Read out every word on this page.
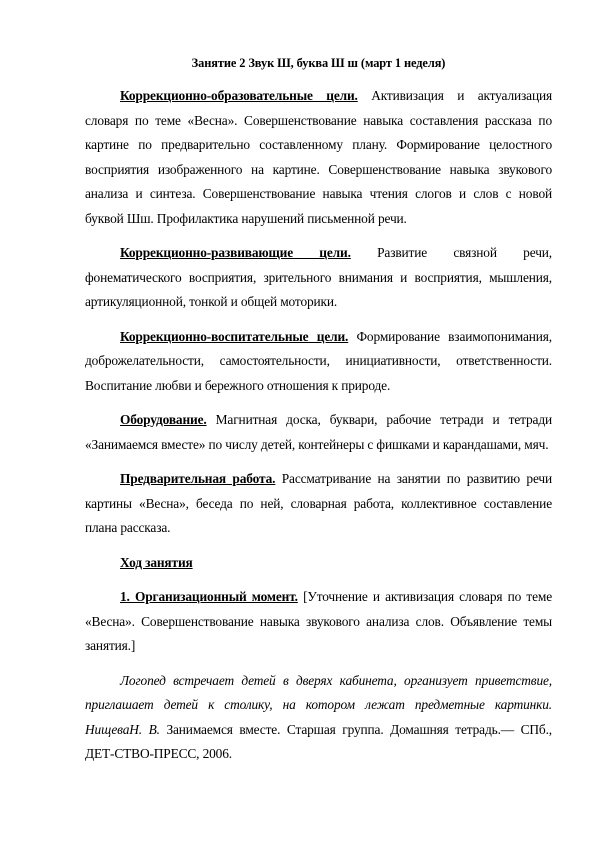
Занятие 2 Звук Ш, буква Ш ш (март 1 неделя)

Коррекционно-образовательные цели. Активизация и актуализация словаря по теме «Весна». Совершенствование навыка составления рассказа по картине по предварительно составленному плану. Формирование целостного восприятия изображенного на картине. Совершенствование навыка звукового анализа и синтеза. Совершенствование навыка чтения слогов и слов с новой буквой Шш. Профилактика нарушений письменной речи.

Коррекционно-развивающие цели. Развитие связной речи, фонематического восприятия, зрительного внимания и восприятия, мышления, артикуляционной, тонкой и общей моторики.

Коррекционно-воспитательные цели. Формирование взаимопонимания, доброжелательности, самостоятельности, инициативности, ответственности. Воспитание любви и бережного отношения к природе.

Оборудование. Магнитная доска, буквари, рабочие тетради и тетради «Занимаемся вместе» по числу детей, контейнеры с фишками и карандашами, мяч.

Предварительная работа. Рассматривание на занятии по развитию речи картины «Весна», беседа по ней, словарная работа, коллективное составление плана рассказа.

Ход занятия

1. Организационный момент. [Уточнение и активизация словаря по теме «Весна». Совершенствование навыка звукового анализа слов. Объявление темы занятия.]

Логопед встречает детей в дверях кабинета, организует приветствие, приглашает детей к столику, на котором лежат предметные картинки. НищеваН. В. Занимаемся вместе. Старшая группа. Домашняя тетрадь.— СПб., ДЕТ-СТВО-ПРЕСС, 2006.
